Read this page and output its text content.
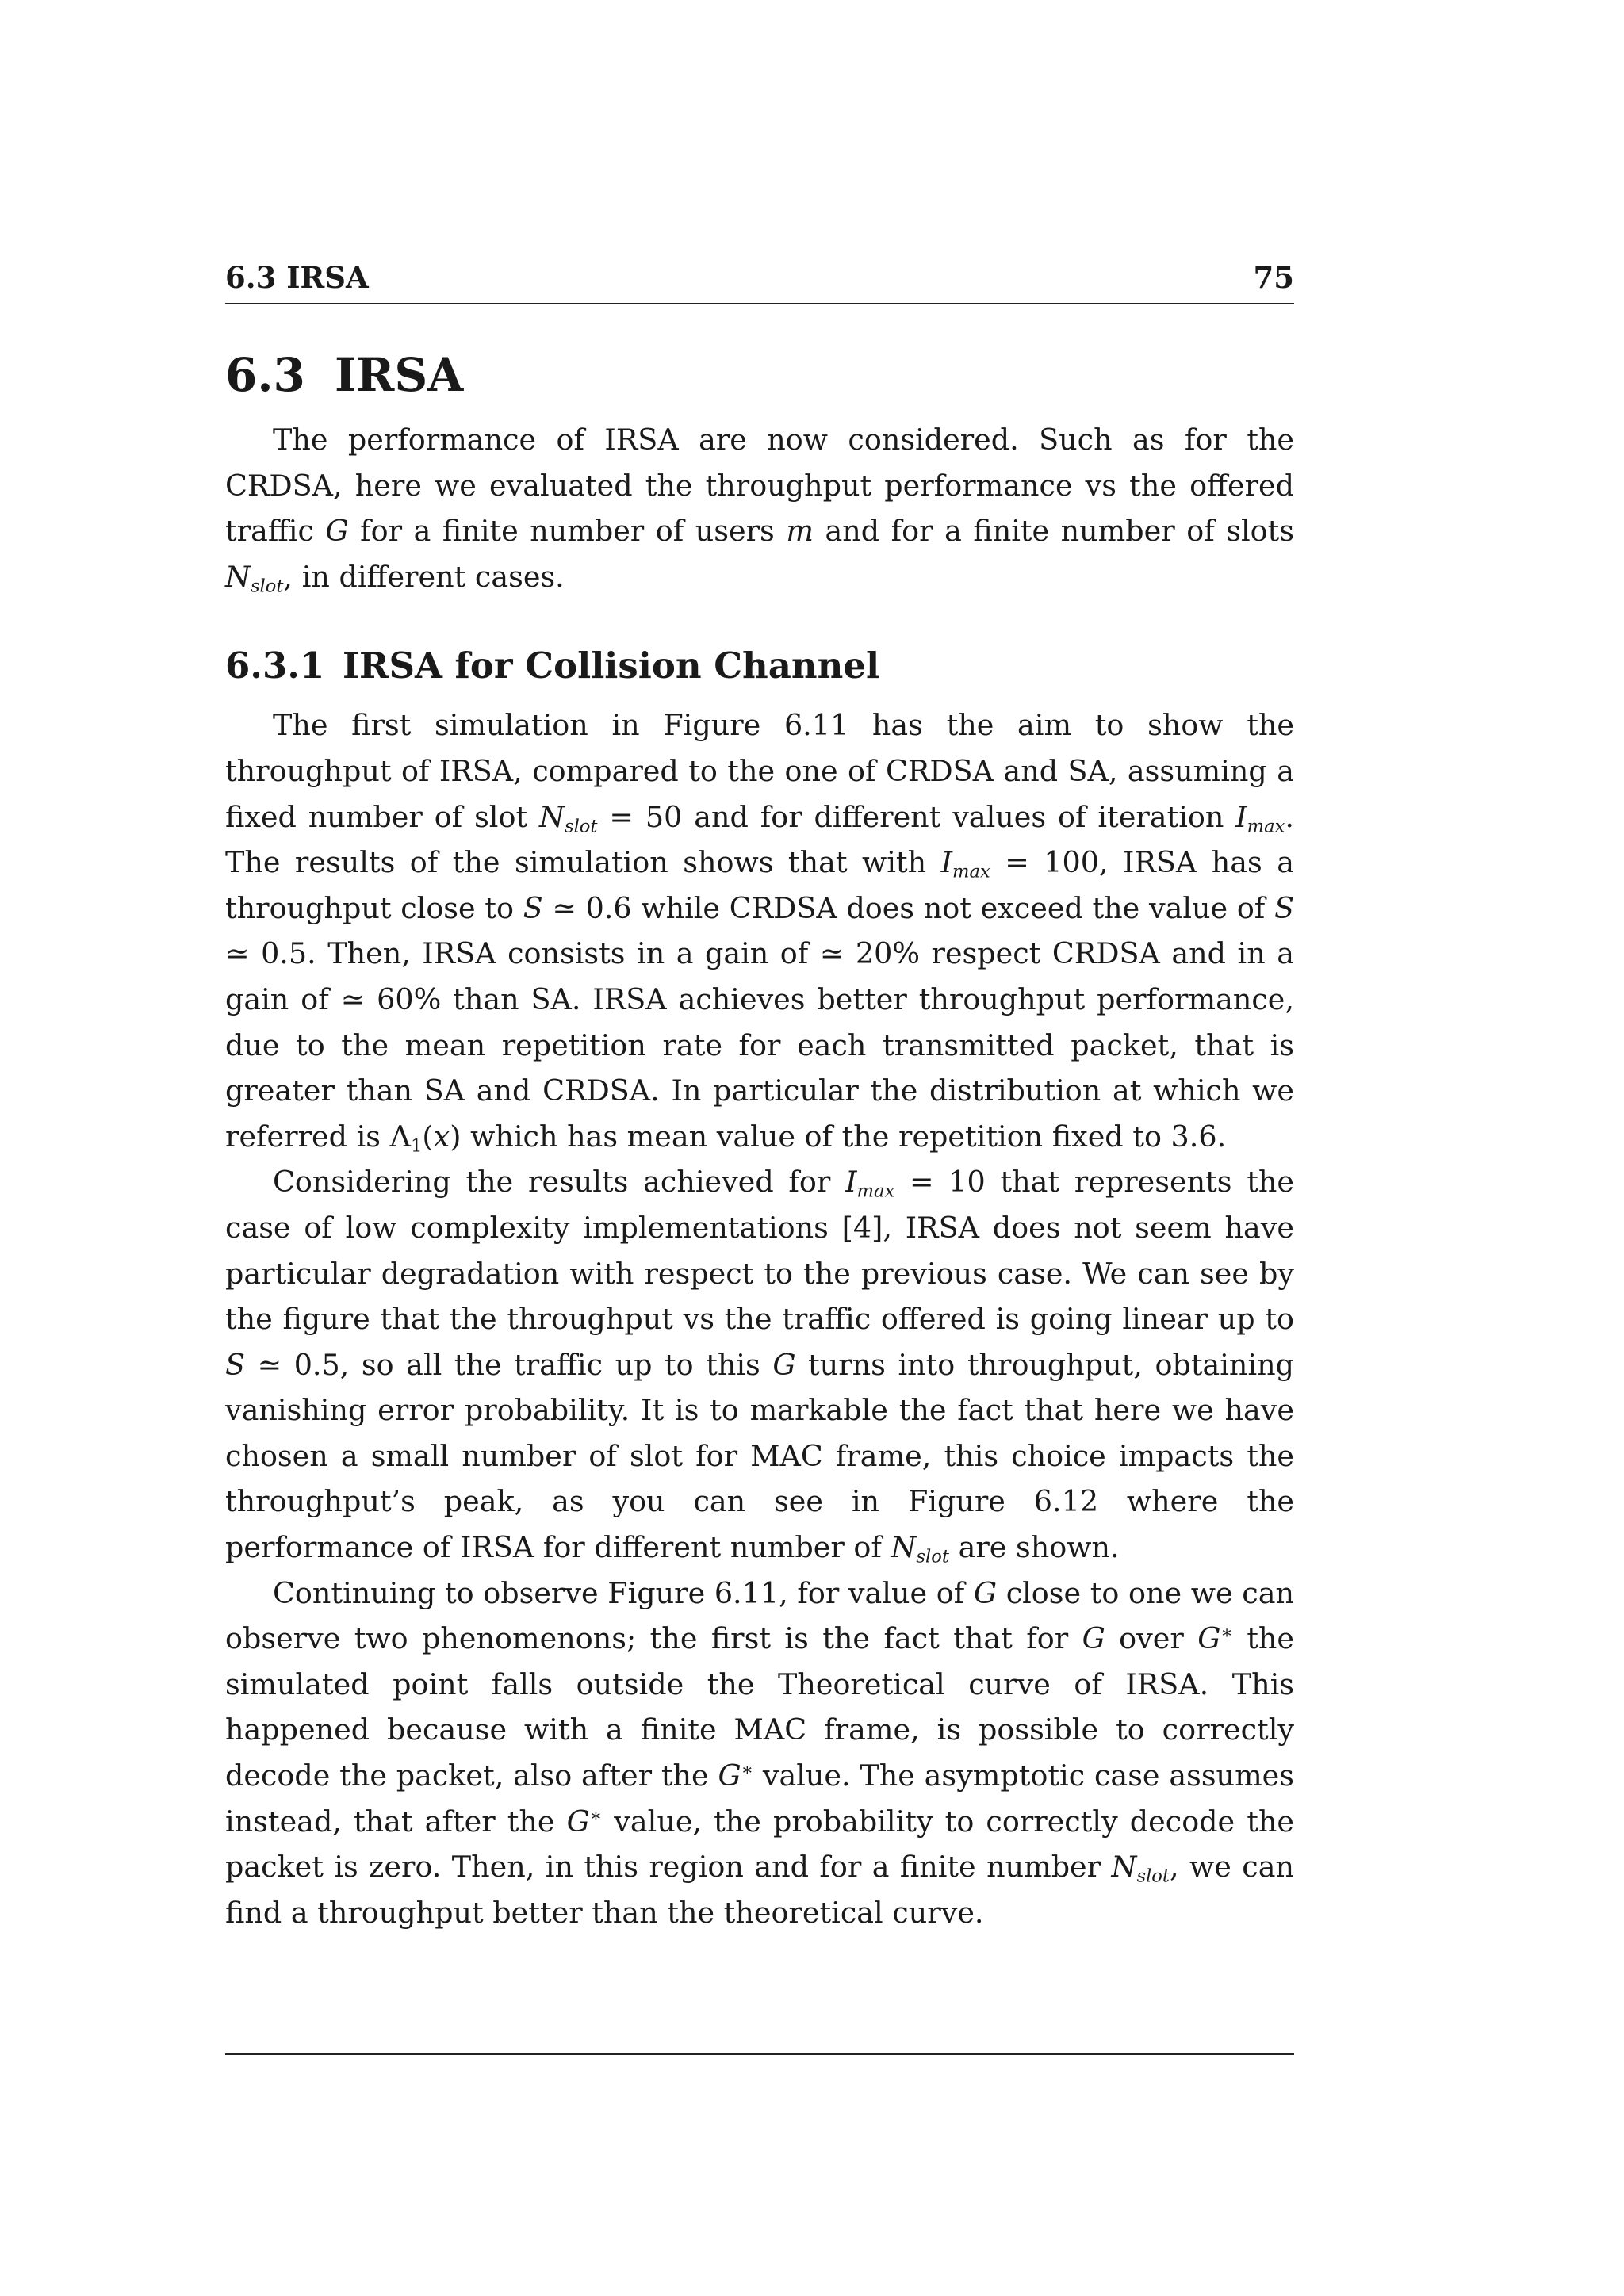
6.3 IRSA	75
6.3 IRSA

The performance of IRSA are now considered. Such as for the CRDSA, here we evaluated the throughput performance vs the offered traffic G for a finite number of users m and for a finite number of slots $N_{slot}$, in different cases.

6.3.1 IRSA for Collision Channel

The first simulation in Figure 6.11 has the aim to show the throughput of IRSA, compared to the one of CRDSA and SA, assuming a fixed number of slot $N_{slot} = 50$ and for different values of iteration $I_{max}$. The results of the simulation shows that with $I_{max} = 100$, IRSA has a throughput close to S ≃ 0.6 while CRDSA does not exceed the value of S ≃ 0.5. Then, IRSA consists in a gain of ≃ 20% respect CRDSA and in a gain of ≃ 60% than SA. IRSA achieves better throughput performance, due to the mean repetition rate for each transmitted packet, that is greater than SA and CRDSA. In particular the distribution at which we referred is $\Lambda_1(x)$ which has mean value of the repetition fixed to 3.6.

Considering the results achieved for $I_{max} = 10$ that represents the case of low complexity implementations [4], IRSA does not seem have particular degradation with respect to the previous case. We can see by the figure that the throughput vs the traffic offered is going linear up to S ≃ 0.5, so all the traffic up to this G turns into throughput, obtaining vanishing error probability. It is to markable the fact that here we have chosen a small number of slot for MAC frame, this choice impacts the throughput’s peak, as you can see in Figure 6.12 where the performance of IRSA for different number of $N_{slot}$ are shown.

Continuing to observe Figure 6.11, for value of G close to one we can observe two phenomenons; the first is the fact that for G over G∗ the simulated point falls outside the Theoretical curve of IRSA. This happened because with a finite MAC frame, is possible to correctly decode the packet, also after the G∗ value. The asymptotic case assumes instead, that after the G∗ value, the probability to correctly decode the packet is zero. Then, in this region and for a finite number $N_{slot}$, we can find a throughput better than the theoretical curve.
